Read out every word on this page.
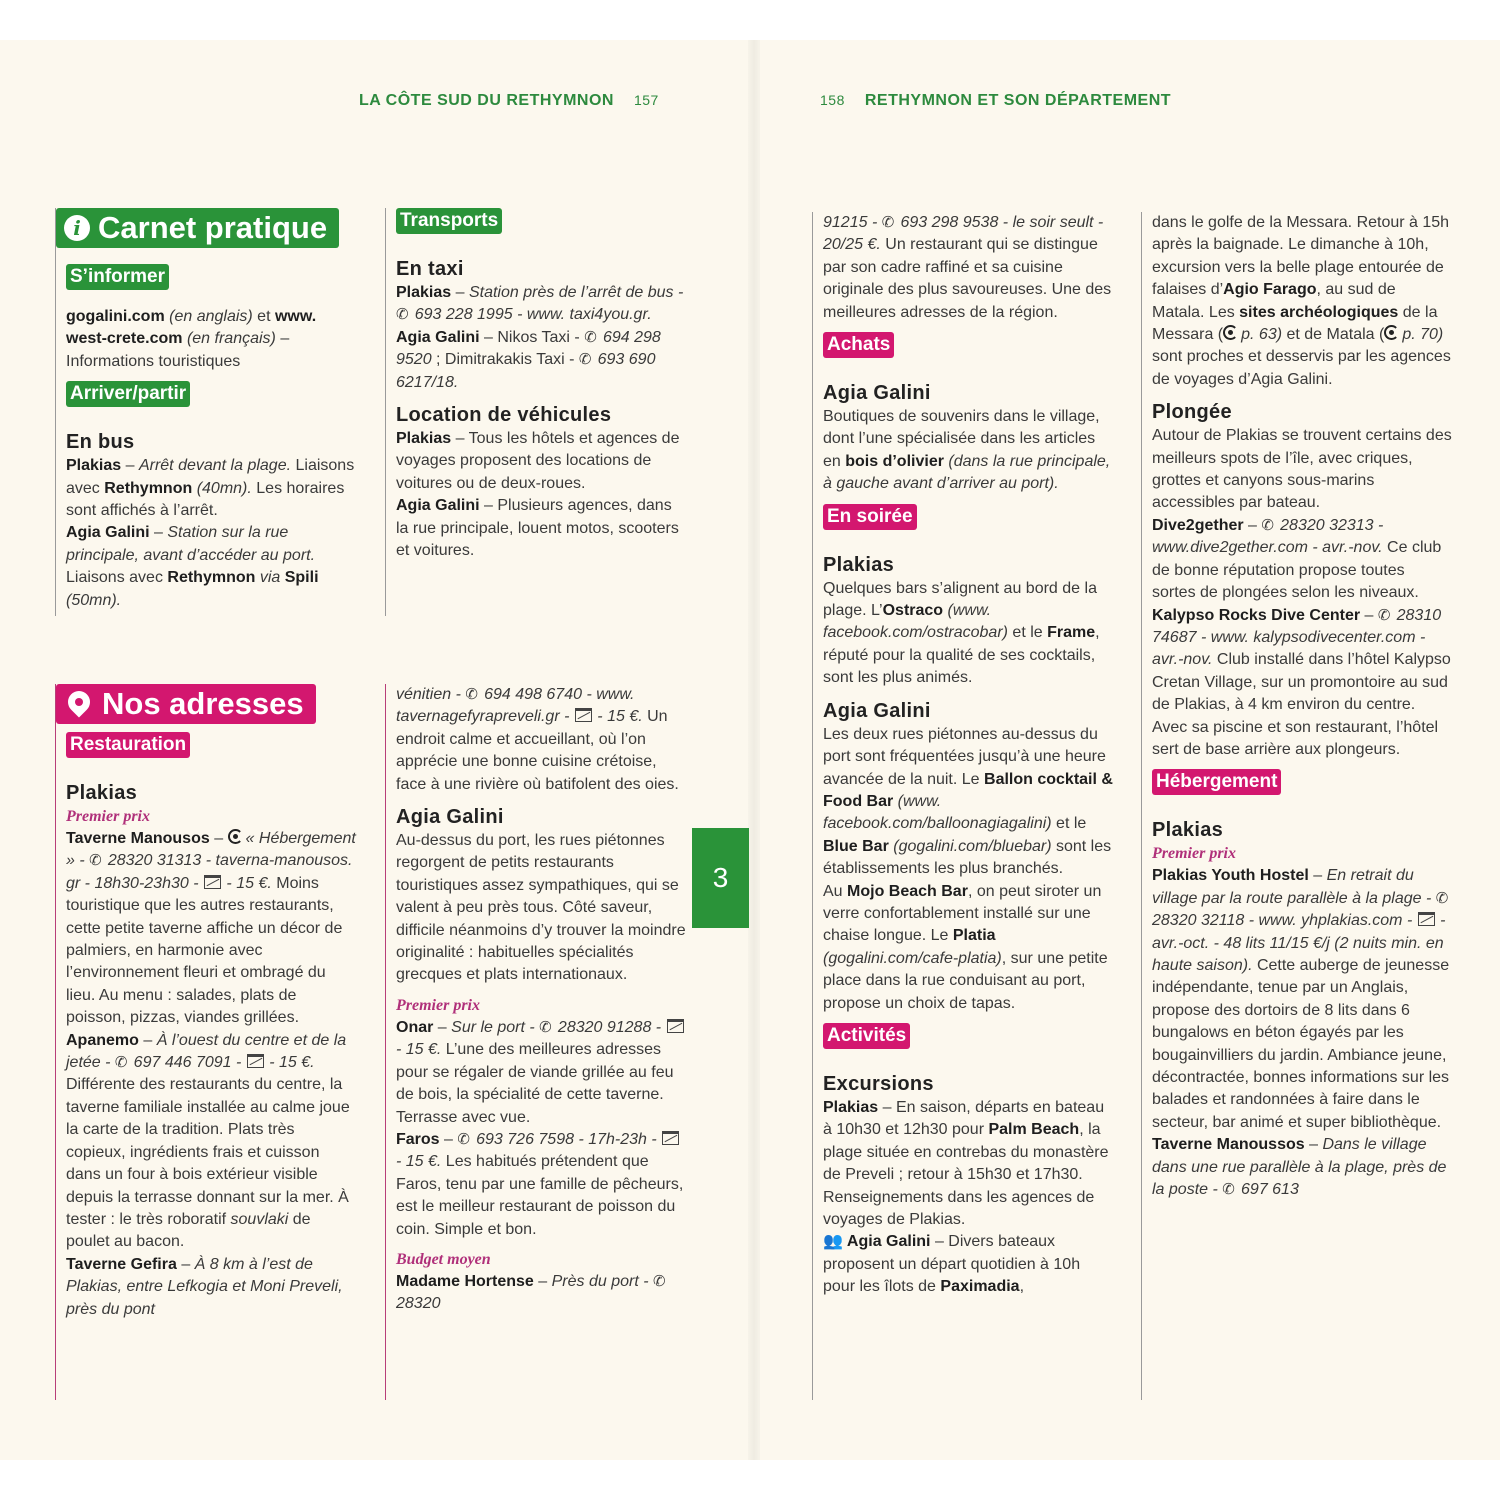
LA CÔTE SUD DU RETHYMNON 157	158 RETHYMNON ET SON DÉPARTEMENT
3
i Carnet pratique
S’informer

gogalini.com (en anglais) et www. west-crete.com (en français) – Informations touristiques

Arriver/partir
En bus

Plakias – Arrêt devant la plage. Liaisons avec Rethymnon (40mn). Les horaires sont affichés à l’arrêt.

Agia Galini – Station sur la rue principale, avant d’accéder au port. Liaisons avec Rethymnon via Spili (50mn).

Transports
En taxi

Plakias – Station près de l’arrêt de bus - ✆ 693 228 1995 - www. taxi4you.gr.

Agia Galini – Nikos Taxi - ✆ 694 298 9520 ; Dimitrakakis Taxi - ✆ 693 690 6217/18.

Location de véhicules

Plakias – Tous les hôtels et agences de voyages proposent des locations de voitures ou de deux-roues.

Agia Galini – Plusieurs agences, dans la rue principale, louent motos, scooters et voitures.

Nos adresses
Restauration
Plakias
Premier prix

Taverne Manousos – « Hébergement » - ✆ 28320 31313 - taverna-manousos. gr - 18h30-23h30 -  - 15 €. Moins touristique que les autres restaurants, cette petite taverne affiche un décor de palmiers, en harmonie avec l’environnement fleuri et ombragé du lieu. Au menu : salades, plats de poisson, pizzas, viandes grillées.

Apanemo – À l’ouest du centre et de la jetée - ✆ 697 446 7091 -  - 15 €. Différente des restaurants du centre, la taverne familiale installée au calme joue la carte de la tradition. Plats très copieux, ingrédients frais et cuisson dans un four à bois extérieur visible depuis la terrasse donnant sur la mer. À tester : le très roboratif souvlaki de poulet au bacon.

Taverne Gefira – À 8 km à l’est de Plakias, entre Lefkogia et Moni Preveli, près du pont

vénitien - ✆ 694 498 6740 - www. tavernagefyrapreveli.gr -  - 15 €. Un endroit calme et accueillant, où l’on apprécie une bonne cuisine crétoise, face à une rivière où batifolent des oies.

Agia Galini

Au-dessus du port, les rues piétonnes regorgent de petits restaurants touristiques assez sympathiques, qui se valent à peu près tous. Côté saveur, difficile néanmoins d’y trouver la moindre originalité : habituelles spécialités grecques et plats internationaux.

Premier prix

Onar – Sur le port - ✆ 28320 91288 -  - 15 €. L’une des meilleures adresses pour se régaler de viande grillée au feu de bois, la spécialité de cette taverne. Terrasse avec vue.

Faros – ✆ 693 726 7598 - 17h-23h -  - 15 €. Les habitués prétendent que Faros, tenu par une famille de pêcheurs, est le meilleur restaurant de poisson du coin. Simple et bon.

Budget moyen

Madame Hortense – Près du port - ✆ 28320

91215 - ✆ 693 298 9538 - le soir seult - 20/25 €. Un restaurant qui se distingue par son cadre raffiné et sa cuisine originale des plus savoureuses. Une des meilleures adresses de la région.

Achats
Agia Galini

Boutiques de souvenirs dans le village, dont l’une spécialisée dans les articles en bois d’olivier (dans la rue principale, à gauche avant d’arriver au port).

En soirée
Plakias

Quelques bars s’alignent au bord de la plage. L’Ostraco (www. facebook.com/ostracobar) et le Frame, réputé pour la qualité de ses cocktails, sont les plus animés.

Agia Galini

Les deux rues piétonnes au-dessus du port sont fréquentées jusqu’à une heure avancée de la nuit. Le Ballon cocktail & Food Bar (www. facebook.com/balloonagiagalini) et le Blue Bar (gogalini.com/bluebar) sont les établissements les plus branchés.

Au Mojo Beach Bar, on peut siroter un verre confortablement installé sur une chaise longue. Le Platia (gogalini.com/cafe-platia), sur une petite place dans la rue conduisant au port, propose un choix de tapas.

Activités
Excursions

Plakias – En saison, départs en bateau à 10h30 et 12h30 pour Palm Beach, la plage située en contrebas du monastère de Preveli ; retour à 15h30 et 17h30. Renseignements dans les agences de voyages de Plakias.

👥 Agia Galini – Divers bateaux proposent un départ quotidien à 10h pour les îlots de Paximadia,

dans le golfe de la Messara. Retour à 15h après la baignade. Le dimanche à 10h, excursion vers la belle plage entourée de falaises d’Agio Farago, au sud de Matala. Les sites archéologiques de la Messara ( p. 63) et de Matala ( p. 70) sont proches et desservis par les agences de voyages d’Agia Galini.

Plongée

Autour de Plakias se trouvent certains des meilleurs spots de l’île, avec criques, grottes et canyons sous-marins accessibles par bateau.

Dive2gether – ✆ 28320 32313 - www.dive2gether.com - avr.-nov. Ce club de bonne réputation propose toutes sortes de plongées selon les niveaux.

Kalypso Rocks Dive Center – ✆ 28310 74687 - www. kalypsodivecenter.com - avr.-nov. Club installé dans l’hôtel Kalypso Cretan Village, sur un promontoire au sud de Plakias, à 4 km environ du centre. Avec sa piscine et son restaurant, l’hôtel sert de base arrière aux plongeurs.

Hébergement
Plakias
Premier prix

Plakias Youth Hostel – En retrait du village par la route parallèle à la plage - ✆ 28320 32118 - www. yhplakias.com -  - avr.-oct. - 48 lits 11/15 €/j (2 nuits min. en haute saison). Cette auberge de jeunesse indépendante, tenue par un Anglais, propose des dortoirs de 8 lits dans 6 bungalows en béton égayés par les bougainvilliers du jardin. Ambiance jeune, décontractée, bonnes informations sur les balades et randonnées à faire dans le secteur, bar animé et super bibliothèque.

Taverne Manoussos – Dans le village dans une rue parallèle à la plage, près de la poste - ✆ 697 613
